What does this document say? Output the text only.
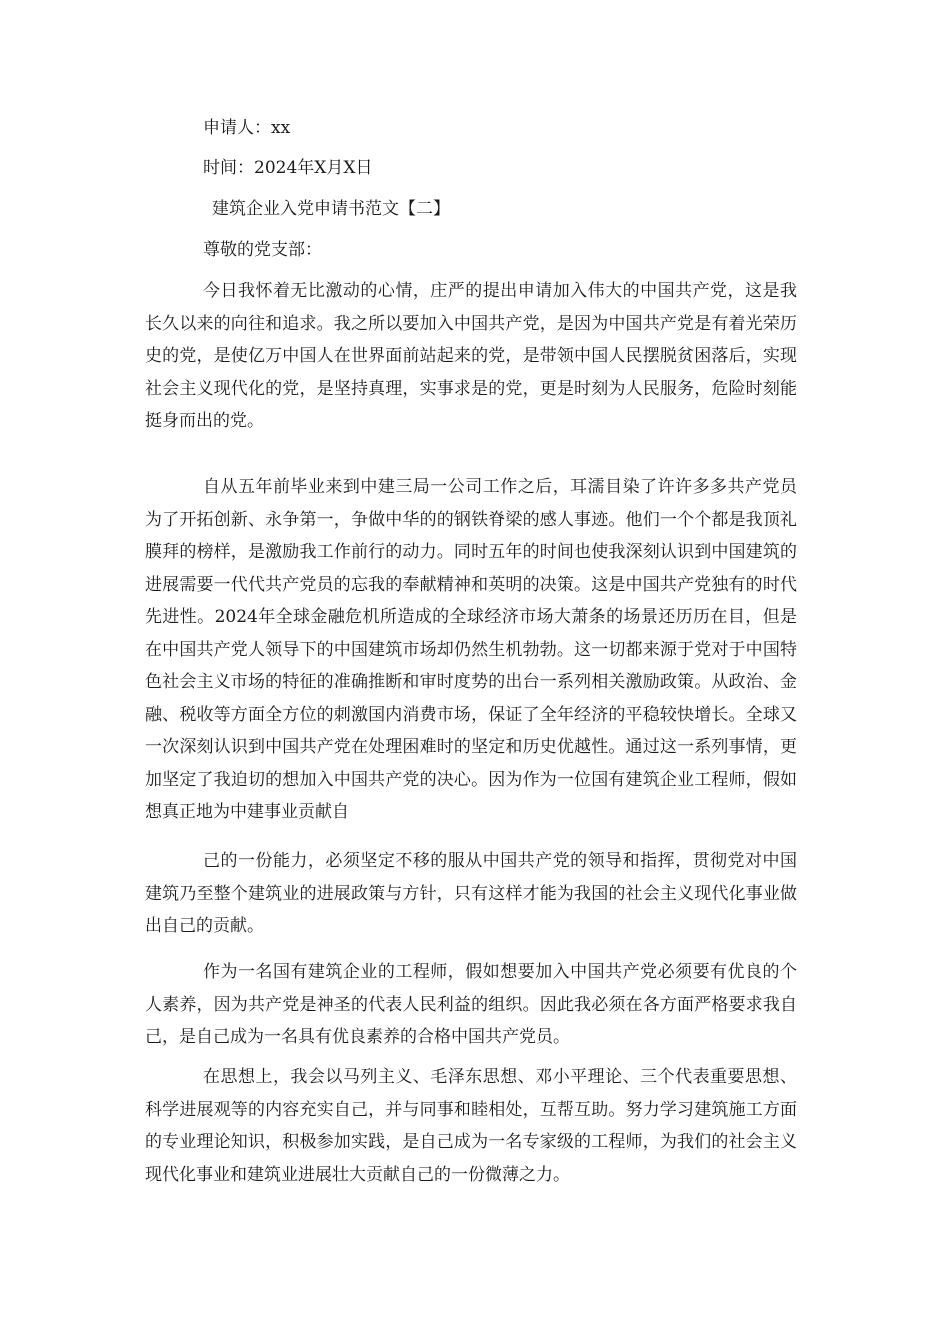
申请人：xx
时间：2024年X月X日
建筑企业入党申请书范文【二】
尊敬的党支部：

今日我怀着无比激动的心情，庄严的提出申请加入伟大的中国共产党，这是我长久以来的向往和追求。我之所以要加入中国共产党，是因为中国共产党是有着光荣历史的党，是使亿万中国人在世界面前站起来的党，是带领中国人民摆脱贫困落后，实现社会主义现代化的党，是坚持真理，实事求是的党，更是时刻为人民服务，危险时刻能挺身而出的党。

自从五年前毕业来到中建三局一公司工作之后，耳濡目染了许许多多共产党员为了开拓创新、永争第一，争做中华的的钢铁脊梁的感人事迹。他们一个个都是我顶礼膜拜的榜样，是激励我工作前行的动力。同时五年的时间也使我深刻认识到中国建筑的进展需要一代代共产党员的忘我的奉献精神和英明的决策。这是中国共产党独有的时代先进性。2024年全球金融危机所造成的全球经济市场大萧条的场景还历历在目，但是在中国共产党人领导下的中国建筑市场却仍然生机勃勃。这一切都来源于党对于中国特色社会主义市场的特征的准确推断和审时度势的出台一系列相关激励政策。从政治、金融、税收等方面全方位的刺激国内消费市场，保证了全年经济的平稳较快增长。全球又一次深刻认识到中国共产党在处理困难时的坚定和历史优越性。通过这一系列事情，更加坚定了我迫切的想加入中国共产党的决心。因为作为一位国有建筑企业工程师，假如想真正地为中建事业贡献自

己的一份能力，必须坚定不移的服从中国共产党的领导和指挥，贯彻党对中国建筑乃至整个建筑业的进展政策与方针，只有这样才能为我国的社会主义现代化事业做出自己的贡献。

作为一名国有建筑企业的工程师，假如想要加入中国共产党必须要有优良的个人素养，因为共产党是神圣的代表人民利益的组织。因此我必须在各方面严格要求我自己，是自己成为一名具有优良素养的合格中国共产党员。

在思想上，我会以马列主义、毛泽东思想、邓小平理论、三个代表重要思想、科学进展观等的内容充实自己，并与同事和睦相处，互帮互助。努力学习建筑施工方面的专业理论知识，积极参加实践，是自己成为一名专家级的工程师，为我们的社会主义现代化事业和建筑业进展壮大贡献自己的一份微薄之力。
